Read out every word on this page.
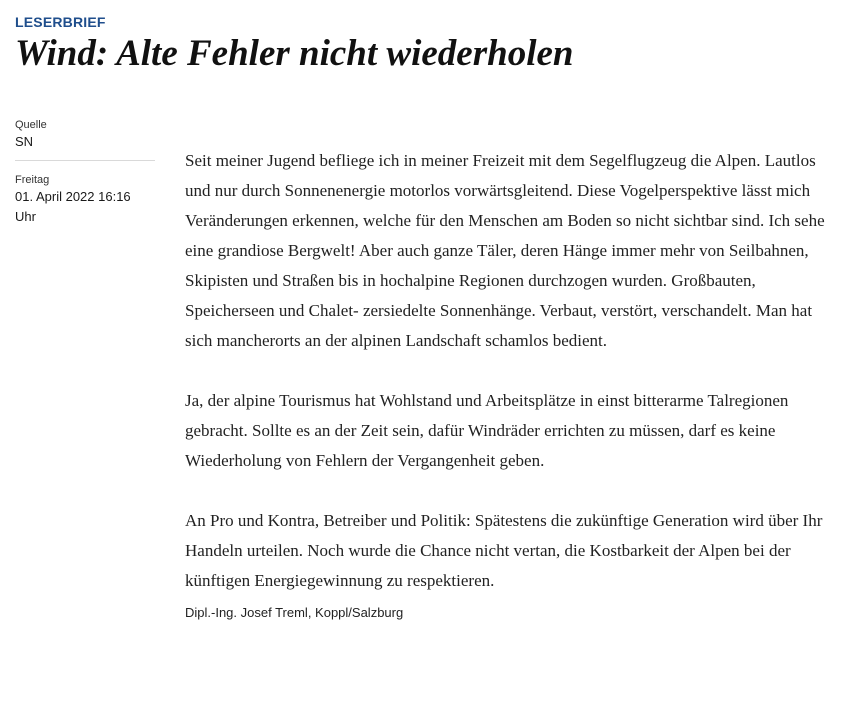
LESERBRIEF
Wind: Alte Fehler nicht wiederholen
Quelle
SN
Freitag
01. April 2022 16:16 Uhr

Seit meiner Jugend befliege ich in meiner Freizeit mit dem Segelflugzeug die Alpen. Lautlos und nur durch Sonnenenergie motorlos vorwärtsgleitend. Diese Vogelperspektive lässt mich Veränderungen erkennen, welche für den Menschen am Boden so nicht sichtbar sind. Ich sehe eine grandiose Bergwelt! Aber auch ganze Täler, deren Hänge immer mehr von Seilbahnen, Skipisten und Straßen bis in hochalpine Regionen durchzogen wurden. Großbauten, Speicherseen und Chalet- zersiedelte Sonnenhänge. Verbaut, verstört, verschandelt. Man hat sich mancherorts an der alpinen Landschaft schamlos bedient.

Ja, der alpine Tourismus hat Wohlstand und Arbeitsplätze in einst bitterarme Talregionen gebracht. Sollte es an der Zeit sein, dafür Windräder errichten zu müssen, darf es keine Wiederholung von Fehlern der Vergangenheit geben.

An Pro und Kontra, Betreiber und Politik: Spätestens die zukünftige Generation wird über Ihr Handeln urteilen. Noch wurde die Chance nicht vertan, die Kostbarkeit der Alpen bei der künftigen Energiegewinnung zu respektieren.

Dipl.-Ing. Josef Treml, Koppl/Salzburg
